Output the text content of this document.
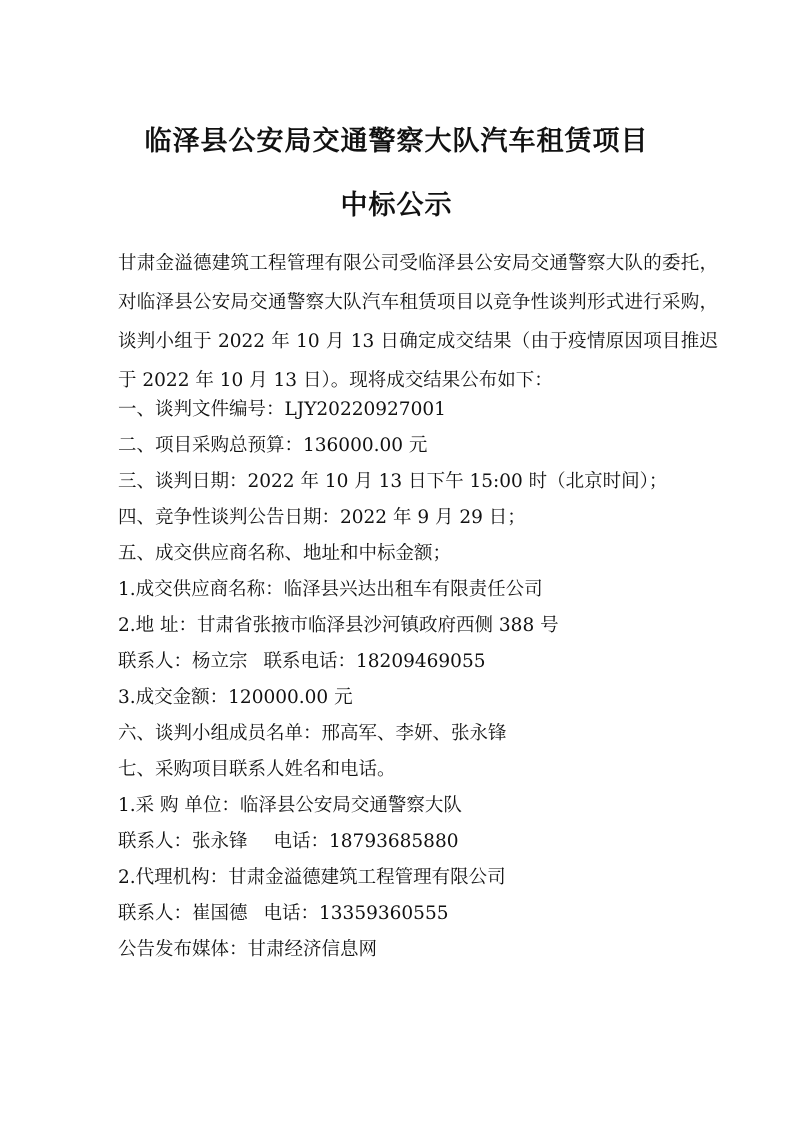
临泽县公安局交通警察大队汽车租赁项目
中标公示

甘肃金溢德建筑工程管理有限公司受临泽县公安局交通警察大队的委托，对临泽县公安局交通警察大队汽车租赁项目以竞争性谈判形式进行采购，谈判小组于 2022 年 10 月 13 日确定成交结果（由于疫情原因项目推迟于 2022 年 10 月 13 日）。现将成交结果公布如下：

一、谈判文件编号：LJY20220927001
二、项目采购总预算：136000.00 元
三、谈判日期：2022 年 10 月 13 日下午 15:00 时（北京时间）；
四、竞争性谈判公告日期：2022 年 9 月 29 日；
五、成交供应商名称、地址和中标金额；
1.成交供应商名称：临泽县兴达出租车有限责任公司
2.地 址：甘肃省张掖市临泽县沙河镇政府西侧 388 号
联系人：杨立宗 联系电话：18209469055
3.成交金额：120000.00 元
六、谈判小组成员名单：邢高军、李妍、张永锋
七、采购项目联系人姓名和电话。
1.采 购 单位：临泽县公安局交通警察大队
联系人：张永锋 电话：18793685880
2.代理机构：甘肃金溢德建筑工程管理有限公司
联系人：崔国德 电话：13359360555
公告发布媒体：甘肃经济信息网
